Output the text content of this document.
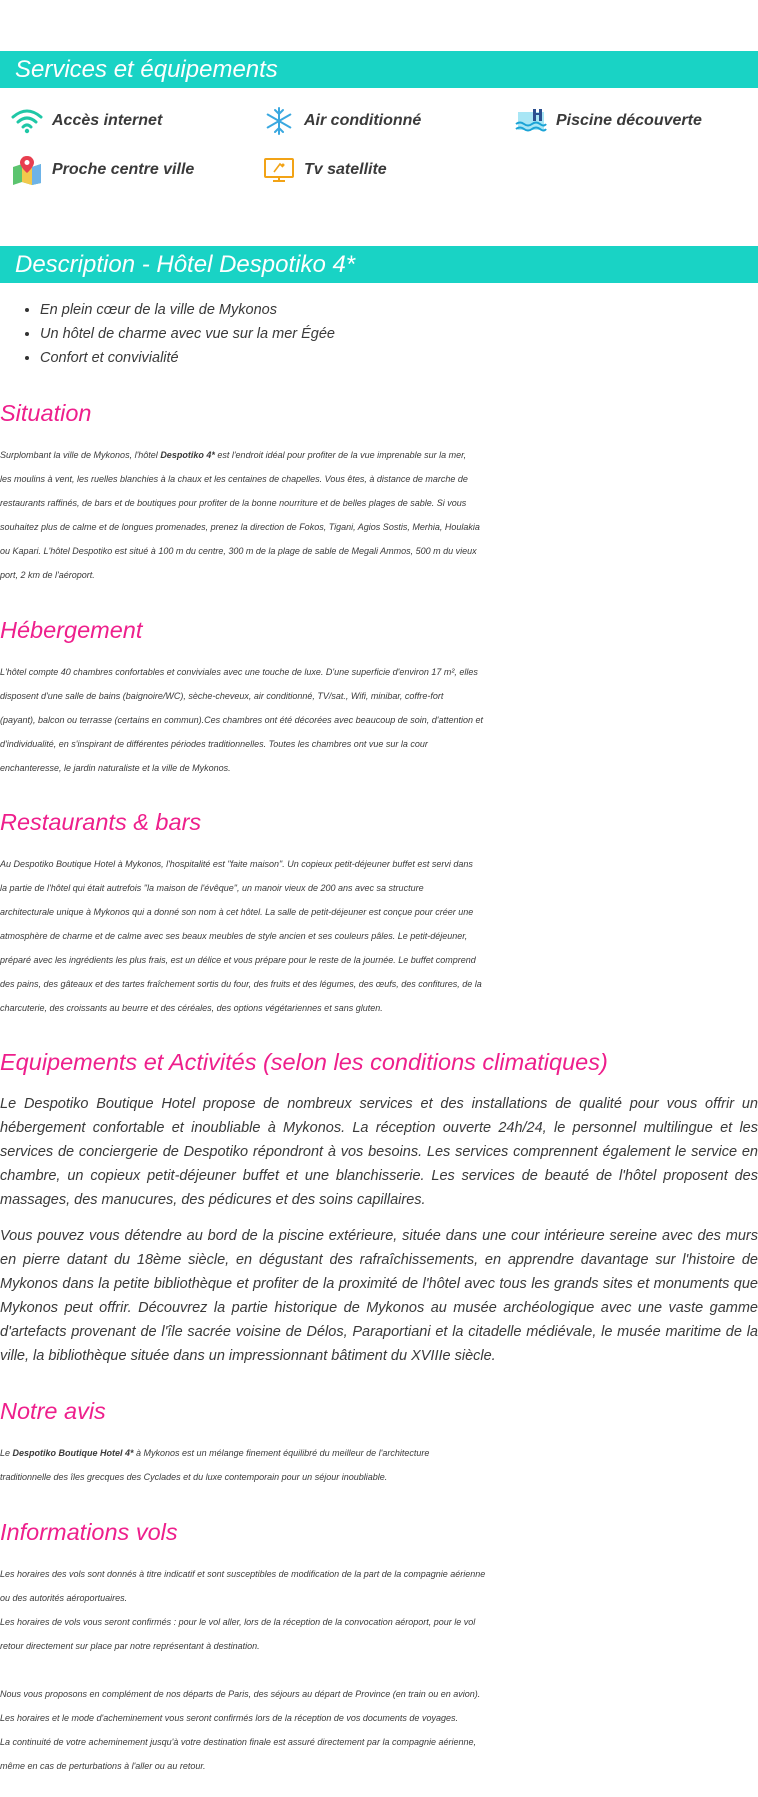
Services et équipements
Accès internet	Air conditionné	Piscine découverte
Proche centre ville	Tv satellite
Description - Hôtel Despotiko 4*
• En plein cœur de la ville de Mykonos
• Un hôtel de charme avec vue sur la mer Égée
• Confort et convivialité
Situation

Surplombant la ville de Mykonos, l'hôtel Despotiko 4* est l'endroit idéal pour profiter de la vue imprenable sur la mer,
les moulins à vent, les ruelles blanchies à la chaux et les centaines de chapelles. Vous êtes, à distance de marche de
restaurants raffinés, de bars et de boutiques pour profiter de la bonne nourriture et de belles plages de sable. Si vous
souhaitez plus de calme et de longues promenades, prenez la direction de Fokos, Tigani, Agios Sostis, Merhia, Houlakia
ou Kapari. L'hôtel Despotiko est situé à 100 m du centre, 300 m de la plage de sable de Megali Ammos, 500 m du vieux
port, 2 km de l'aéroport.

Hébergement

L'hôtel compte 40 chambres confortables et conviviales avec une touche de luxe. D'une superficie d'environ 17 m², elles
disposent d'une salle de bains (baignoire/WC), sèche-cheveux, air conditionné, TV/sat., Wifi, minibar, coffre-fort
(payant), balcon ou terrasse (certains en commun).Ces chambres ont été décorées avec beaucoup de soin, d'attention et
d'individualité, en s'inspirant de différentes périodes traditionnelles. Toutes les chambres ont vue sur la cour
enchanteresse, le jardin naturaliste et la ville de Mykonos.

Restaurants & bars

Au Despotiko Boutique Hotel à Mykonos, l'hospitalité est "faite maison". Un copieux petit-déjeuner buffet est servi dans
la partie de l'hôtel qui était autrefois "la maison de l'évêque", un manoir vieux de 200 ans avec sa structure
architecturale unique à Mykonos qui a donné son nom à cet hôtel. La salle de petit-déjeuner est conçue pour créer une
atmosphère de charme et de calme avec ses beaux meubles de style ancien et ses couleurs pâles. Le petit-déjeuner,
préparé avec les ingrédients les plus frais, est un délice et vous prépare pour le reste de la journée. Le buffet comprend
des pains, des gâteaux et des tartes fraîchement sortis du four, des fruits et des légumes, des œufs, des confitures, de la
charcuterie, des croissants au beurre et des céréales, des options végétariennes et sans gluten.

Equipements et Activités (selon les conditions climatiques)

Le Despotiko Boutique Hotel propose de nombreux services et des installations de qualité pour vous offrir un hébergement confortable et inoubliable à Mykonos. La réception ouverte 24h/24, le personnel multilingue et les services de conciergerie de Despotiko répondront à vos besoins. Les services comprennent également le service en chambre, un copieux petit-déjeuner buffet et une blanchisserie. Les services de beauté de l'hôtel proposent des massages, des manucures, des pédicures et des soins capillaires.

Vous pouvez vous détendre au bord de la piscine extérieure, située dans une cour intérieure sereine avec des murs en pierre datant du 18ème siècle, en dégustant des rafraîchissements, en apprendre davantage sur l'histoire de Mykonos dans la petite bibliothèque et profiter de la proximité de l'hôtel avec tous les grands sites et monuments que Mykonos peut offrir. Découvrez la partie historique de Mykonos au musée archéologique avec une vaste gamme d'artefacts provenant de l'île sacrée voisine de Délos, Paraportiani et la citadelle médiévale, le musée maritime de la ville, la bibliothèque située dans un impressionnant bâtiment du XVIIIe siècle.

Notre avis

Le Despotiko Boutique Hotel 4* à Mykonos est un mélange finement équilibré du meilleur de l'architecture
traditionnelle des îles grecques des Cyclades et du luxe contemporain pour un séjour inoubliable.

Informations vols

Les horaires des vols sont donnés à titre indicatif et sont susceptibles de modification de la part de la compagnie aérienne
ou des autorités aéroportuaires.
Les horaires de vols vous seront confirmés : pour le vol aller, lors de la réception de la convocation aéroport, pour le vol
retour directement sur place par notre représentant à destination.

Nous vous proposons en complément de nos départs de Paris, des séjours au départ de Province (en train ou en avion).
Les horaires et le mode d'acheminement vous seront confirmés lors de la réception de vos documents de voyages.
La continuité de votre acheminement jusqu'à votre destination finale est assuré directement par la compagnie aérienne,
même en cas de perturbations à l'aller ou au retour.
